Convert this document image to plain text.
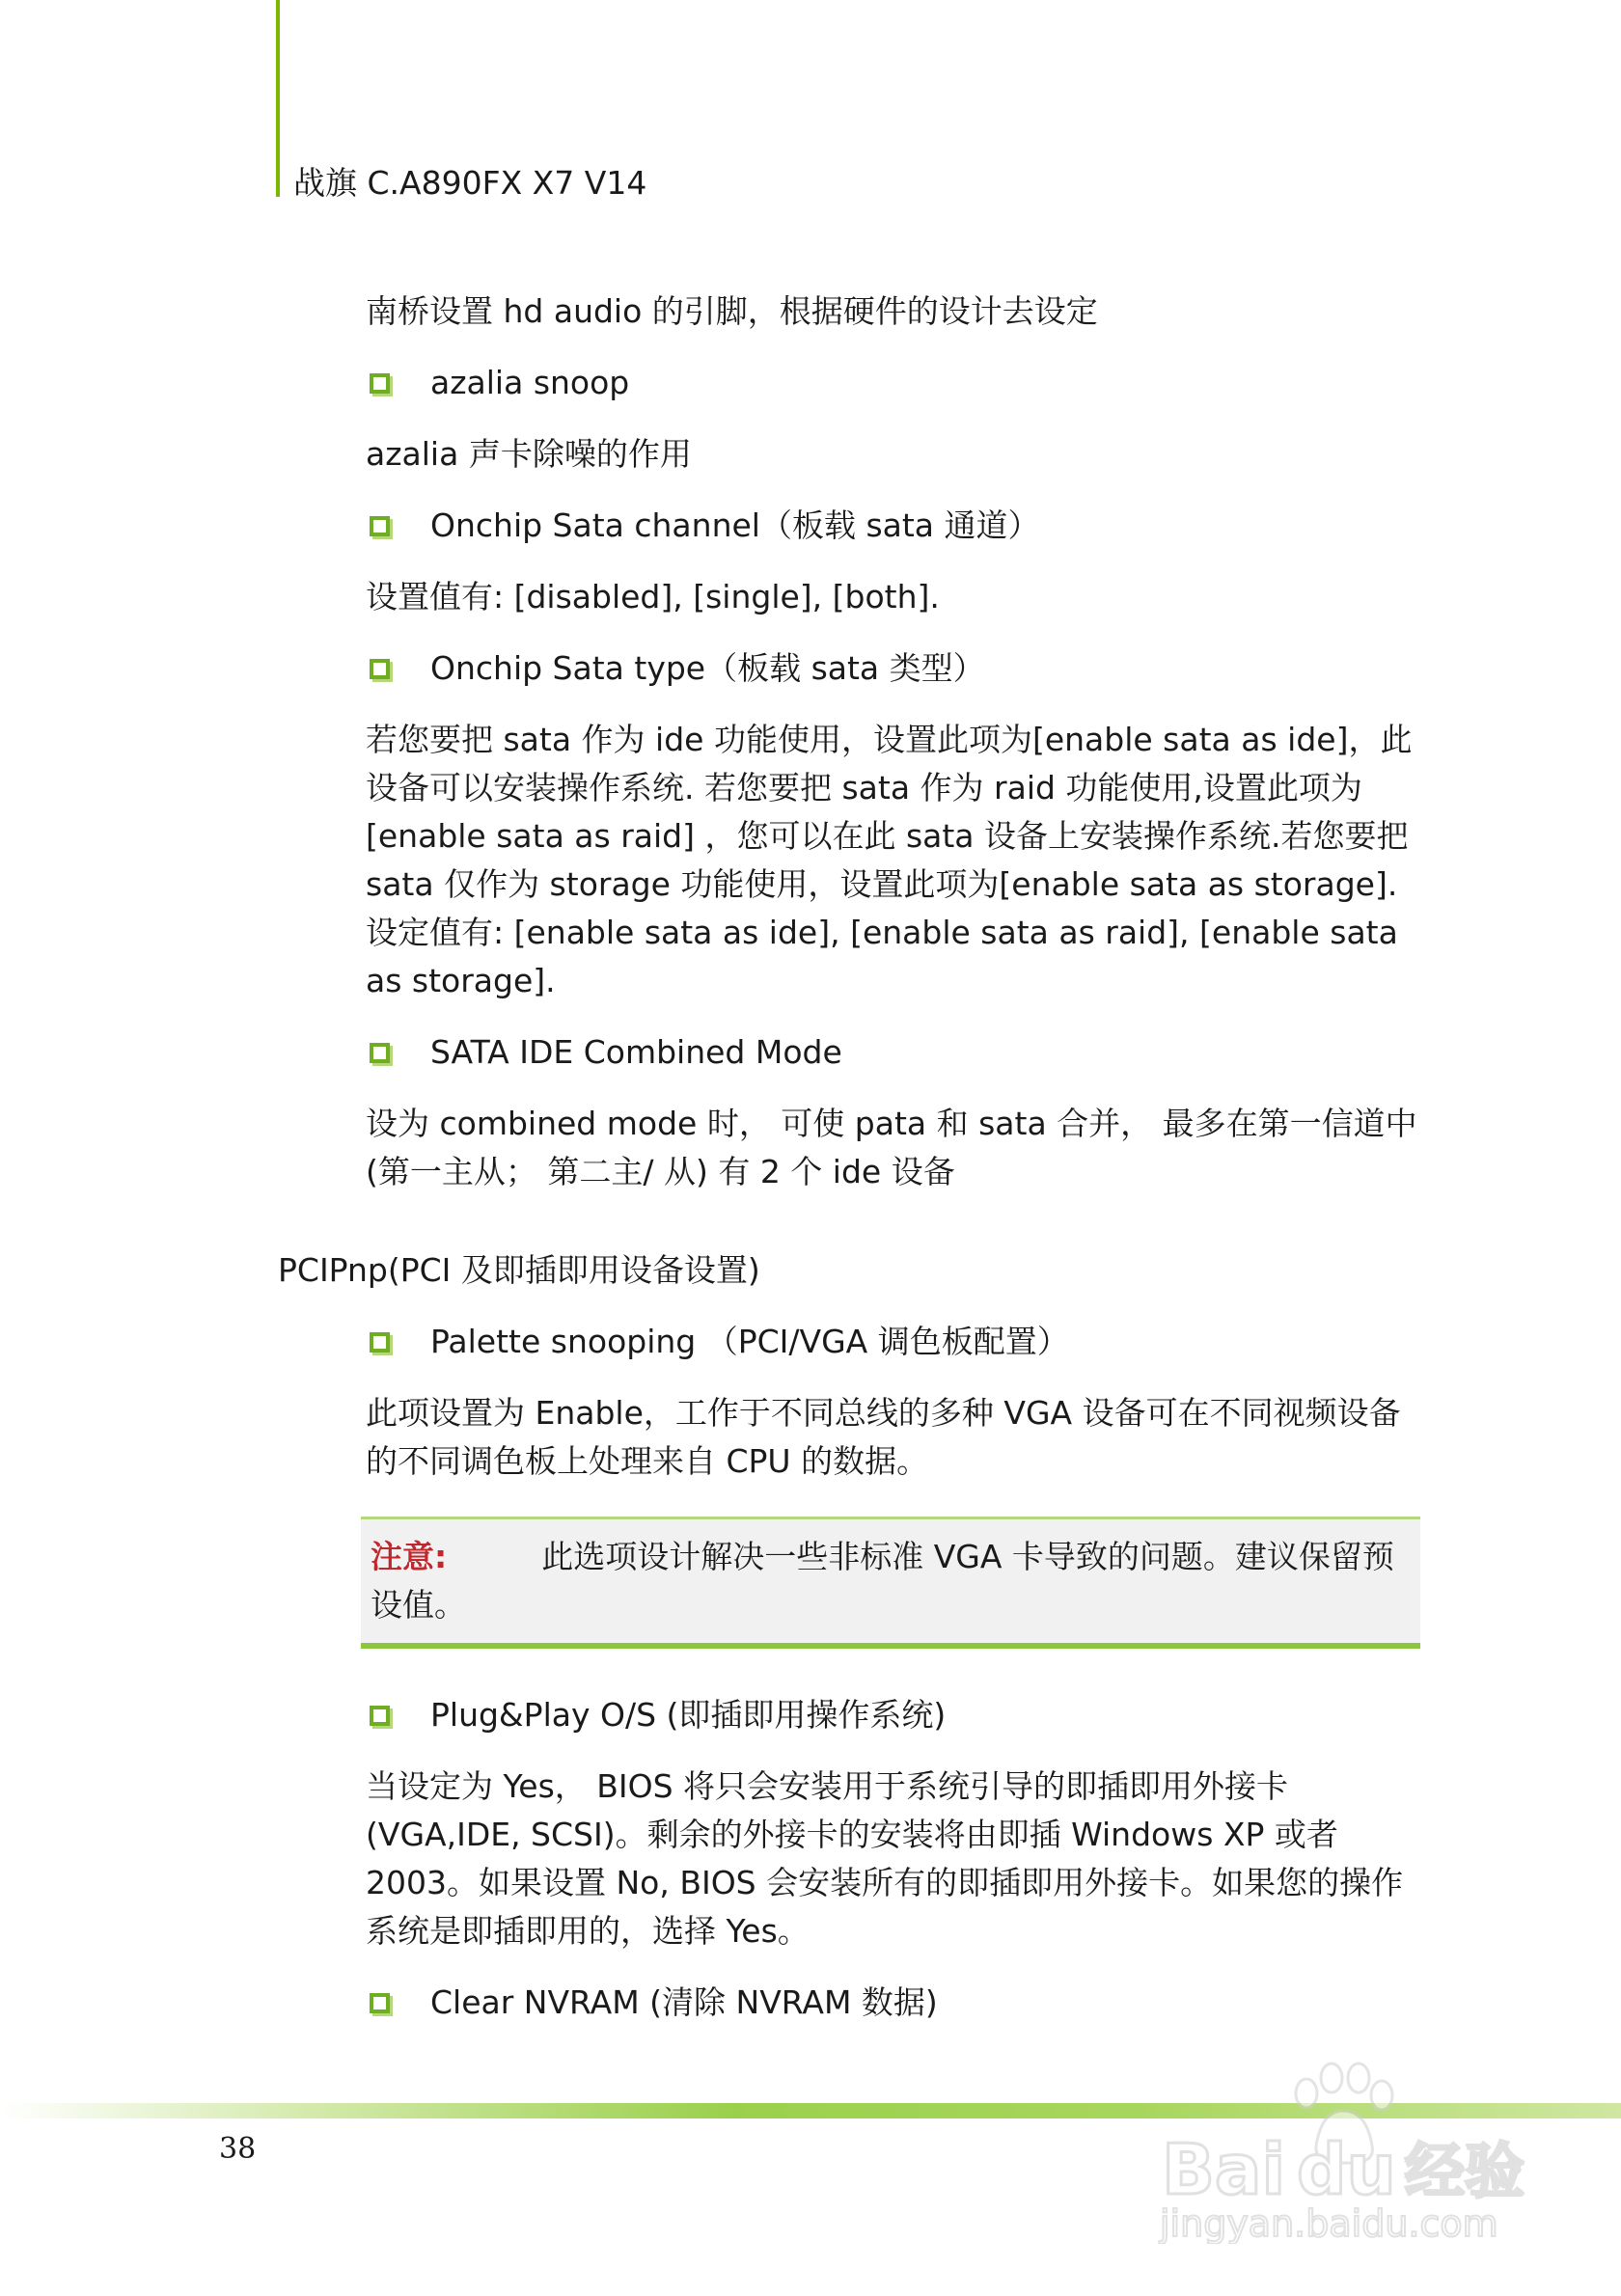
战旗 C.A890FX X7 V14
南桥设置 hd audio 的引脚，根据硬件的设计去设定
azalia snoop
azalia 声卡除噪的作用
Onchip Sata channel（板载 sata 通道）
设置值有: [disabled], [single], [both].
Onchip Sata type（板载 sata 类型）
若您要把 sata 作为 ide 功能使用，设置此项为[enable sata as ide]，此设备可以安装操作系统. 若您要把 sata 作为 raid 功能使用,设置此项为[enable sata as raid] ，您可以在此 sata 设备上安装操作系统.若您要把 sata 仅作为 storage 功能使用，设置此项为[enable sata as storage].设定值有: [enable sata as ide], [enable sata as raid], [enable sata as storage].
SATA IDE Combined Mode
设为 combined mode 时， 可使 pata 和 sata 合并， 最多在第一信道中(第一主从； 第二主/ 从) 有 2 个 ide 设备
PCIPnp(PCI 及即插即用设备设置)
Palette snooping （PCI/VGA 调色板配置）
此项设置为 Enable，工作于不同总线的多种 VGA 设备可在不同视频设备的不同调色板上处理来自 CPU 的数据。
注意:	此选项设计解决一些非标准 VGA 卡导致的问题。建议保留预设值。
Plug&Play O/S (即插即用操作系统)
当设定为 Yes， BIOS 将只会安装用于系统引导的即插即用外接卡(VGA,IDE, SCSI)。剩余的外接卡的安装将由即插 Windows XP 或者 2003。如果设置 No, BIOS 会安装所有的即插即用外接卡。如果您的操作系统是即插即用的，选择 Yes。
Clear NVRAM (清除 NVRAM 数据)
38	Bai du 经验
jingyan.baidu.com
